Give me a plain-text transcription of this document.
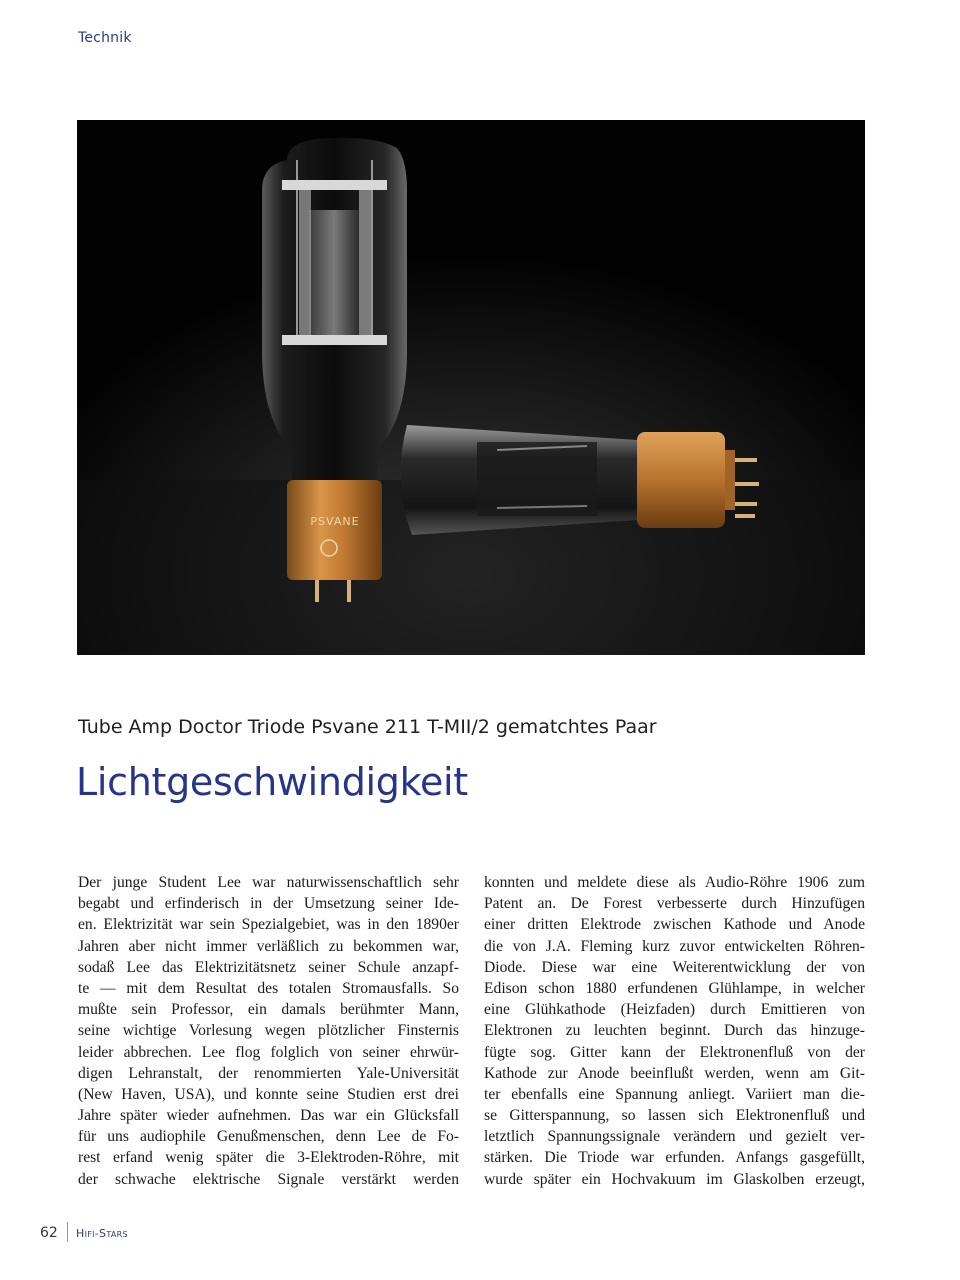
Technik
PSVANE
Tube Amp Doctor Triode Psvane 211 T-MII/2 gematchtes Paar
Lichtgeschwindigkeit
Der junge Student Lee war naturwissenschaftlich sehr
begabt und erfinderisch in der Umsetzung seiner Ide-
en. Elektrizität war sein Spezialgebiet, was in den 1890er
Jahren aber nicht immer verläßlich zu bekommen war,
sodaß Lee das Elektrizitätsnetz seiner Schule anzapf-
te — mit dem Resultat des totalen Stromausfalls. So
mußte sein Professor, ein damals berühmter Mann,
seine wichtige Vorlesung wegen plötzlicher Finsternis
leider abbrechen. Lee flog folglich von seiner ehrwür-
digen Lehranstalt, der renommierten Yale-Universität
(New Haven, USA), und konnte seine Studien erst drei
Jahre später wieder aufnehmen. Das war ein Glücksfall
für uns audiophile Genußmenschen, denn Lee de Fo-
rest erfand wenig später die 3-Elektroden-Röhre, mit
der schwache elektrische Signale verstärkt werden
konnten und meldete diese als Audio-Röhre 1906 zum
Patent an. De Forest verbesserte durch Hinzufügen
einer dritten Elektrode zwischen Kathode und Anode
die von J.A. Fleming kurz zuvor entwickelten Röhren-
Diode. Diese war eine Weiterentwicklung der von
Edison schon 1880 erfundenen Glühlampe, in welcher
eine Glühkathode (Heizfaden) durch Emittieren von
Elektronen zu leuchten beginnt. Durch das hinzuge-
fügte sog. Gitter kann der Elektronenfluß von der
Kathode zur Anode beeinflußt werden, wenn am Git-
ter ebenfalls eine Spannung anliegt. Variiert man die-
se Gitterspannung, so lassen sich Elektronenfluß und
letztlich Spannungssignale verändern und gezielt ver-
stärken. Die Triode war erfunden. Anfangs gasgefüllt,
wurde später ein Hochvakuum im Glaskolben erzeugt,
62 Hifi-Stars
